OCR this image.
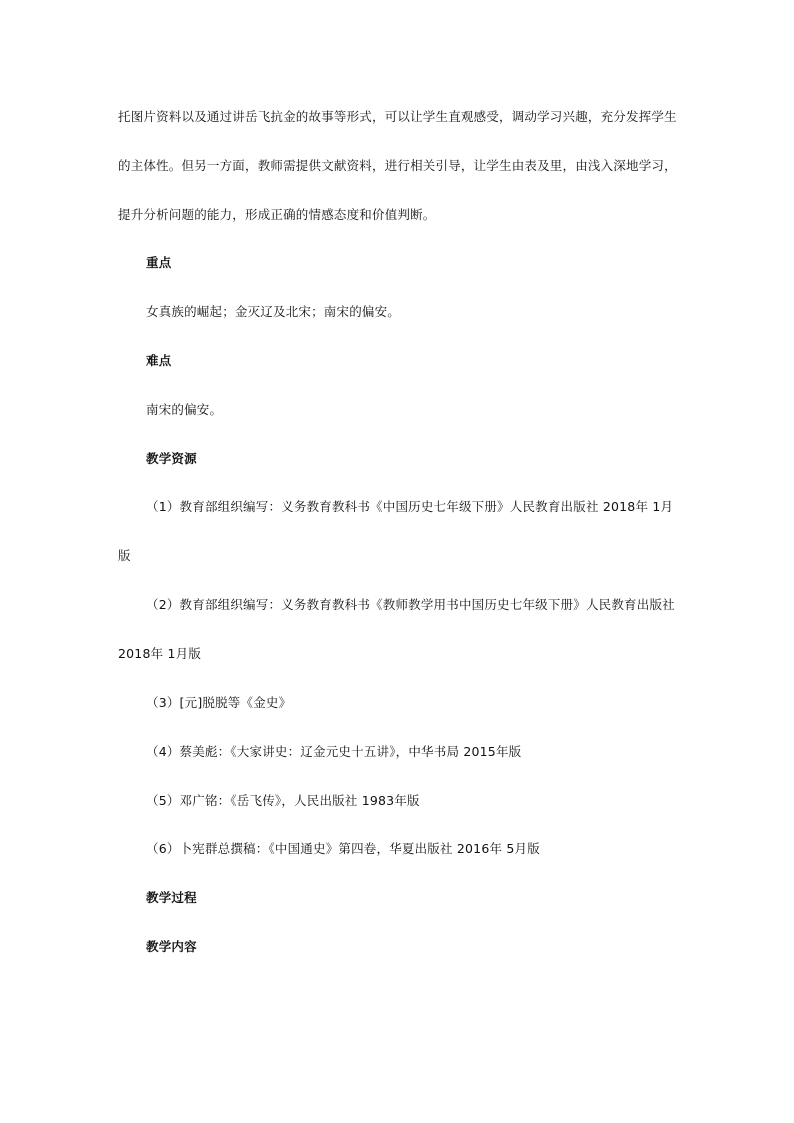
托图片资料以及通过讲岳飞抗金的故事等形式，可以让学生直观感受，调动学习兴趣，充分发挥学生
的主体性。但另一方面，教师需提供文献资料，进行相关引导，让学生由表及里，由浅入深地学习，
提升分析问题的能力，形成正确的情感态度和价值判断。
重点
女真族的崛起；金灭辽及北宋；南宋的偏安。
难点
南宋的偏安。
教学资源
（1）教育部组织编写：义务教育教科书《中国历史七年级下册》人民教育出版社 2018年 1月
版
（2）教育部组织编写：义务教育教科书《教师教学用书中国历史七年级下册》人民教育出版社
2018年 1月版
（3）[元]脱脱等《金史》
（4）蔡美彪：《大家讲史：辽金元史十五讲》，中华书局 2015年版
（5）邓广铭：《岳飞传》，人民出版社 1983年版
（6）卜宪群总撰稿：《中国通史》第四卷，华夏出版社 2016年 5月版
教学过程
教学内容
